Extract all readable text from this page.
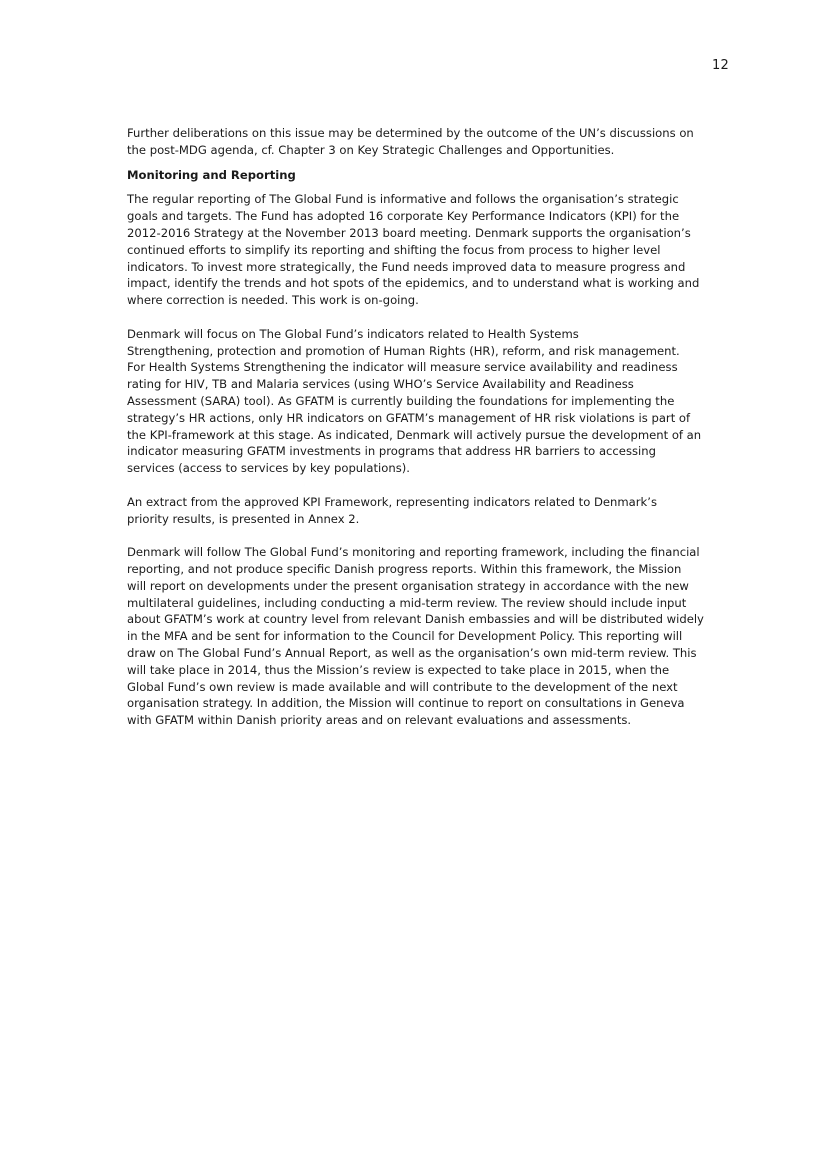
12

Further deliberations on this issue may be determined by the outcome of the UN’s discussions on
the post-MDG agenda, cf. Chapter 3 on Key Strategic Challenges and Opportunities.

Monitoring and Reporting

The regular reporting of The Global Fund is informative and follows the organisation’s strategic
goals and targets. The Fund has adopted 16 corporate Key Performance Indicators (KPI) for the
2012-2016 Strategy at the November 2013 board meeting. Denmark supports the organisation’s
continued efforts to simplify its reporting and shifting the focus from process to higher level
indicators. To invest more strategically, the Fund needs improved data to measure progress and
impact, identify the trends and hot spots of the epidemics, and to understand what is working and
where correction is needed. This work is on-going.

Denmark will focus on The Global Fund’s indicators related to Health Systems
Strengthening, protection and promotion of Human Rights (HR), reform, and risk management.
For Health Systems Strengthening the indicator will measure service availability and readiness
rating for HIV, TB and Malaria services (using WHO’s Service Availability and Readiness
Assessment (SARA) tool). As GFATM is currently building the foundations for implementing the
strategy’s HR actions, only HR indicators on GFATM’s management of HR risk violations is part of
the KPI-framework at this stage. As indicated, Denmark will actively pursue the development of an
indicator measuring GFATM investments in programs that address HR barriers to accessing
services (access to services by key populations).

An extract from the approved KPI Framework, representing indicators related to Denmark’s
priority results, is presented in Annex 2.

Denmark will follow The Global Fund’s monitoring and reporting framework, including the financial
reporting, and not produce specific Danish progress reports. Within this framework, the Mission
will report on developments under the present organisation strategy in accordance with the new
multilateral guidelines, including conducting a mid-term review. The review should include input
about GFATM’s work at country level from relevant Danish embassies and will be distributed widely
in the MFA and be sent for information to the Council for Development Policy. This reporting will
draw on The Global Fund’s Annual Report, as well as the organisation’s own mid-term review. This
will take place in 2014, thus the Mission’s review is expected to take place in 2015, when the
Global Fund’s own review is made available and will contribute to the development of the next
organisation strategy. In addition, the Mission will continue to report on consultations in Geneva
with GFATM within Danish priority areas and on relevant evaluations and assessments.
